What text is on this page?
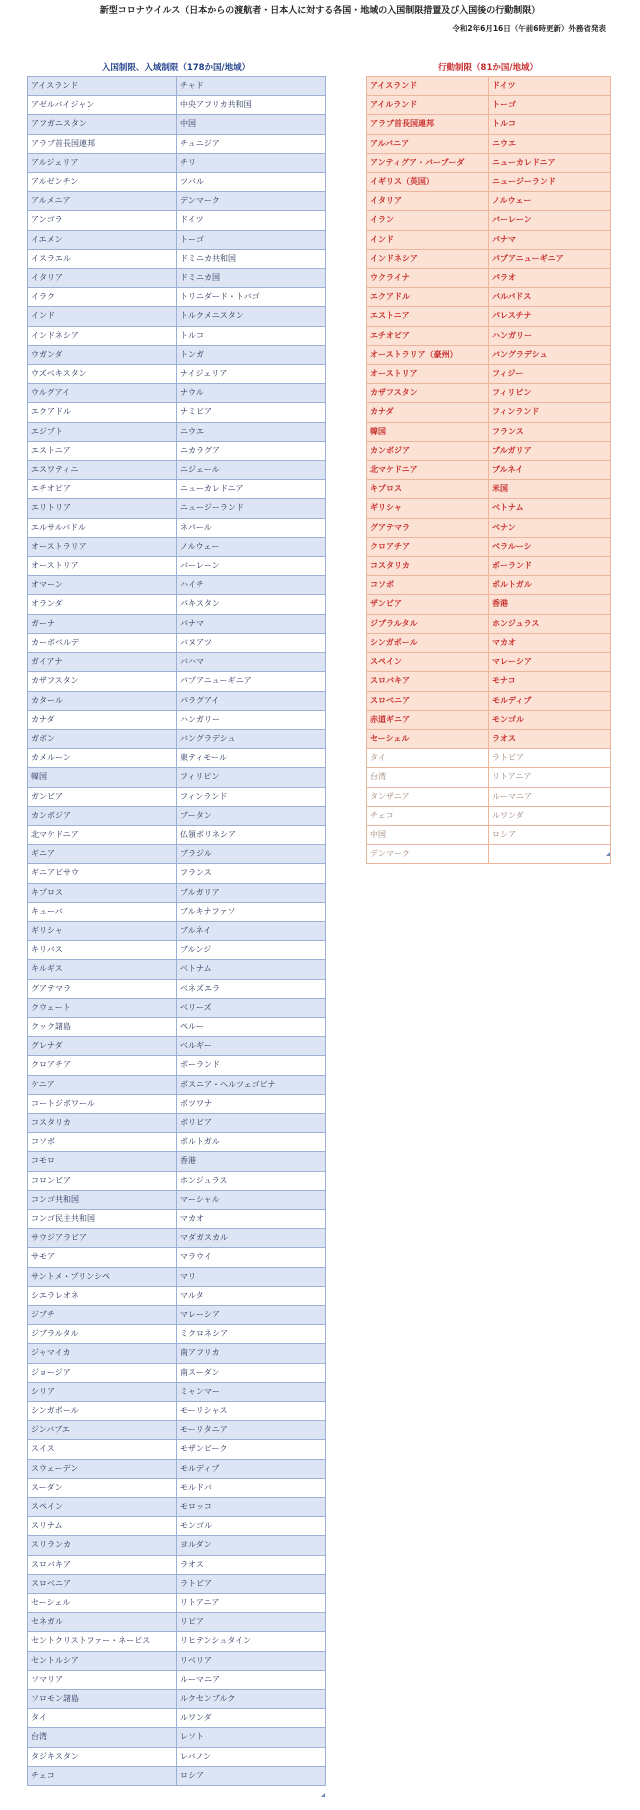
新型コロナウイルス（日本からの渡航者・日本人に対する各国・地域の入国制限措置及び入国後の行動制限）
令和2年6月16日（午前6時更新）外務省発表
入国制限、入域制限（178か国/地域）	行動制限（81か国/地域）
アイスランド	チャド
アゼルバイジャン	中央アフリカ共和国
アフガニスタン	中国
アラブ首長国連邦	チュニジア
アルジェリア	チリ
アルゼンチン	ツバル
アルメニア	デンマーク
アンゴラ	ドイツ
イエメン	トーゴ
イスラエル	ドミニカ共和国
イタリア	ドミニカ国
イラク	トリニダード・トバゴ
インド	トルクメニスタン
インドネシア	トルコ
ウガンダ	トンガ
ウズベキスタン	ナイジェリア
ウルグアイ	ナウル
エクアドル	ナミビア
エジプト	ニウエ
エストニア	ニカラグア
エスワティニ	ニジェール
エチオピア	ニューカレドニア
エリトリア	ニュージーランド
エルサルバドル	ネパール
オーストラリア	ノルウェー
オーストリア	バーレーン
オマーン	ハイチ
オランダ	パキスタン
ガーナ	パナマ
カーボベルデ	バヌアツ
ガイアナ	バハマ
カザフスタン	パプアニューギニア
カタール	パラグアイ
カナダ	ハンガリー
ガボン	バングラデシュ
カメルーン	東ティモール
韓国	フィリピン
ガンビア	フィンランド
カンボジア	ブータン
北マケドニア	仏領ポリネシア
ギニア	ブラジル
ギニアビサウ	フランス
キプロス	ブルガリア
キューバ	ブルキナファソ
ギリシャ	ブルネイ
キリバス	ブルンジ
キルギス	ベトナム
グアテマラ	ベネズエラ
クウェート	ベリーズ
クック諸島	ペルー
グレナダ	ベルギー
クロアチア	ポーランド
ケニア	ボスニア・ヘルツェゴビナ
コートジボワール	ボツワナ
コスタリカ	ボリビア
コソボ	ポルトガル
コモロ	香港
コロンビア	ホンジュラス
コンゴ共和国	マーシャル
コンゴ民主共和国	マカオ
サウジアラビア	マダガスカル
サモア	マラウイ
サントメ・プリンシペ	マリ
シエラレオネ	マルタ
ジブチ	マレーシア
ジブラルタル	ミクロネシア
ジャマイカ	南アフリカ
ジョージア	南スーダン
シリア	ミャンマー
シンガポール	モーリシャス
ジンバブエ	モーリタニア
スイス	モザンビーク
スウェーデン	モルディブ
スーダン	モルドバ
スペイン	モロッコ
スリナム	モンゴル
スリランカ	ヨルダン
スロバキア	ラオス
スロベニア	ラトビア
セーシェル	リトアニア
セネガル	リビア
セントクリストファー・ネービス	リヒテンシュタイン
セントルシア	リベリア
ソマリア	ルーマニア
ソロモン諸島	ルクセンブルク
タイ	ルワンダ
台湾	レソト
タジキスタン	レバノン
チェコ	ロシア
アイスランド	ドイツ
アイルランド	トーゴ
アラブ首長国連邦	トルコ
アルバニア	ニウエ
アンティグア・バーブーダ	ニューカレドニア
イギリス（英国）	ニュージーランド
イタリア	ノルウェー
イラン	バーレーン
インド	パナマ
インドネシア	パプアニューギニア
ウクライナ	パラオ
エクアドル	バルバドス
エストニア	パレスチナ
エチオピア	ハンガリー
オーストラリア（豪州）	バングラデシュ
オーストリア	フィジー
カザフスタン	フィリピン
カナダ	フィンランド
韓国	フランス
カンボジア	ブルガリア
北マケドニア	ブルネイ
キプロス	米国
ギリシャ	ベトナム
グアテマラ	ベナン
クロアチア	ベラルーシ
コスタリカ	ポーランド
コソボ	ポルトガル
ザンビア	香港
ジブラルタル	ホンジュラス
シンガポール	マカオ
スペイン	マレーシア
スロバキア	モナコ
スロベニア	モルディブ
赤道ギニア	モンゴル
セーシェル	ラオス
タイ	ラトビア
台湾	リトアニア
タンザニア	ルーマニア
チェコ	ルワンダ
中国	ロシア
デンマーク	
